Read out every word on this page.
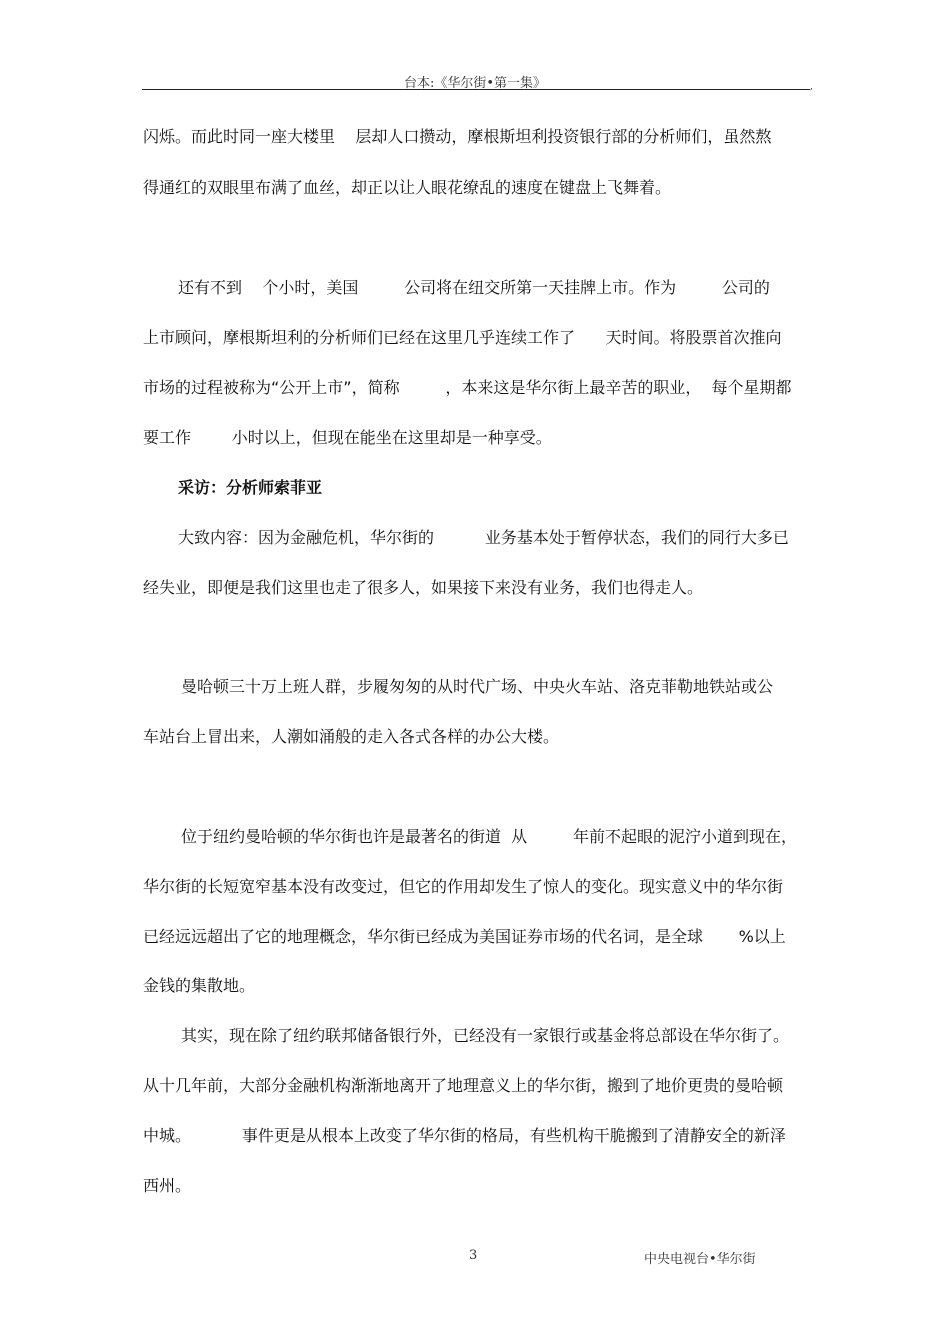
台本:《华尔街•第一集》	,
闪烁。而此时同一座大楼里    层却人口攒动，摩根斯坦利投资银行部的分析师们，虽然熬
得通红的双眼里布满了血丝，却正以让人眼花缭乱的速度在键盘上飞舞着。
还有不到    个小时，美国         公司将在纽交所第一天挂牌上市。作为         公司的
上市顾问，摩根斯坦利的分析师们已经在这里几乎连续工作了      天时间。将股票首次推向
市场的过程被称为“公开上市”，简称         ，本来这是华尔街上最辛苦的职业，  每个星期都
要工作        小时以上，但现在能坐在这里却是一种享受。
采访：分析师索菲亚
大致内容：因为金融危机，华尔街的          业务基本处于暂停状态，我们的同行大多已
经失业，即便是我们这里也走了很多人，如果接下来没有业务，我们也得走人。
曼哈顿三十万上班人群，步履匆匆的从时代广场、中央火车站、洛克菲勒地铁站或公
车站台上冒出来，人潮如涌般的走入各式各样的办公大楼。
位于纽约曼哈顿的华尔街也许是最著名的街道  从         年前不起眼的泥泞小道到现在，
华尔街的长短宽窄基本没有改变过，但它的作用却发生了惊人的变化。现实意义中的华尔街
已经远远超出了它的地理概念，华尔街已经成为美国证券市场的代名词，是全球       %以上
金钱的集散地。
其实，现在除了纽约联邦储备银行外，已经没有一家银行或基金将总部设在华尔街了。
从十几年前，大部分金融机构渐渐地离开了地理意义上的华尔街，搬到了地价更贵的曼哈顿
中城。          事件更是从根本上改变了华尔街的格局，有些机构干脆搬到了清静安全的新泽
西州。
3	中央电视台•华尔街
